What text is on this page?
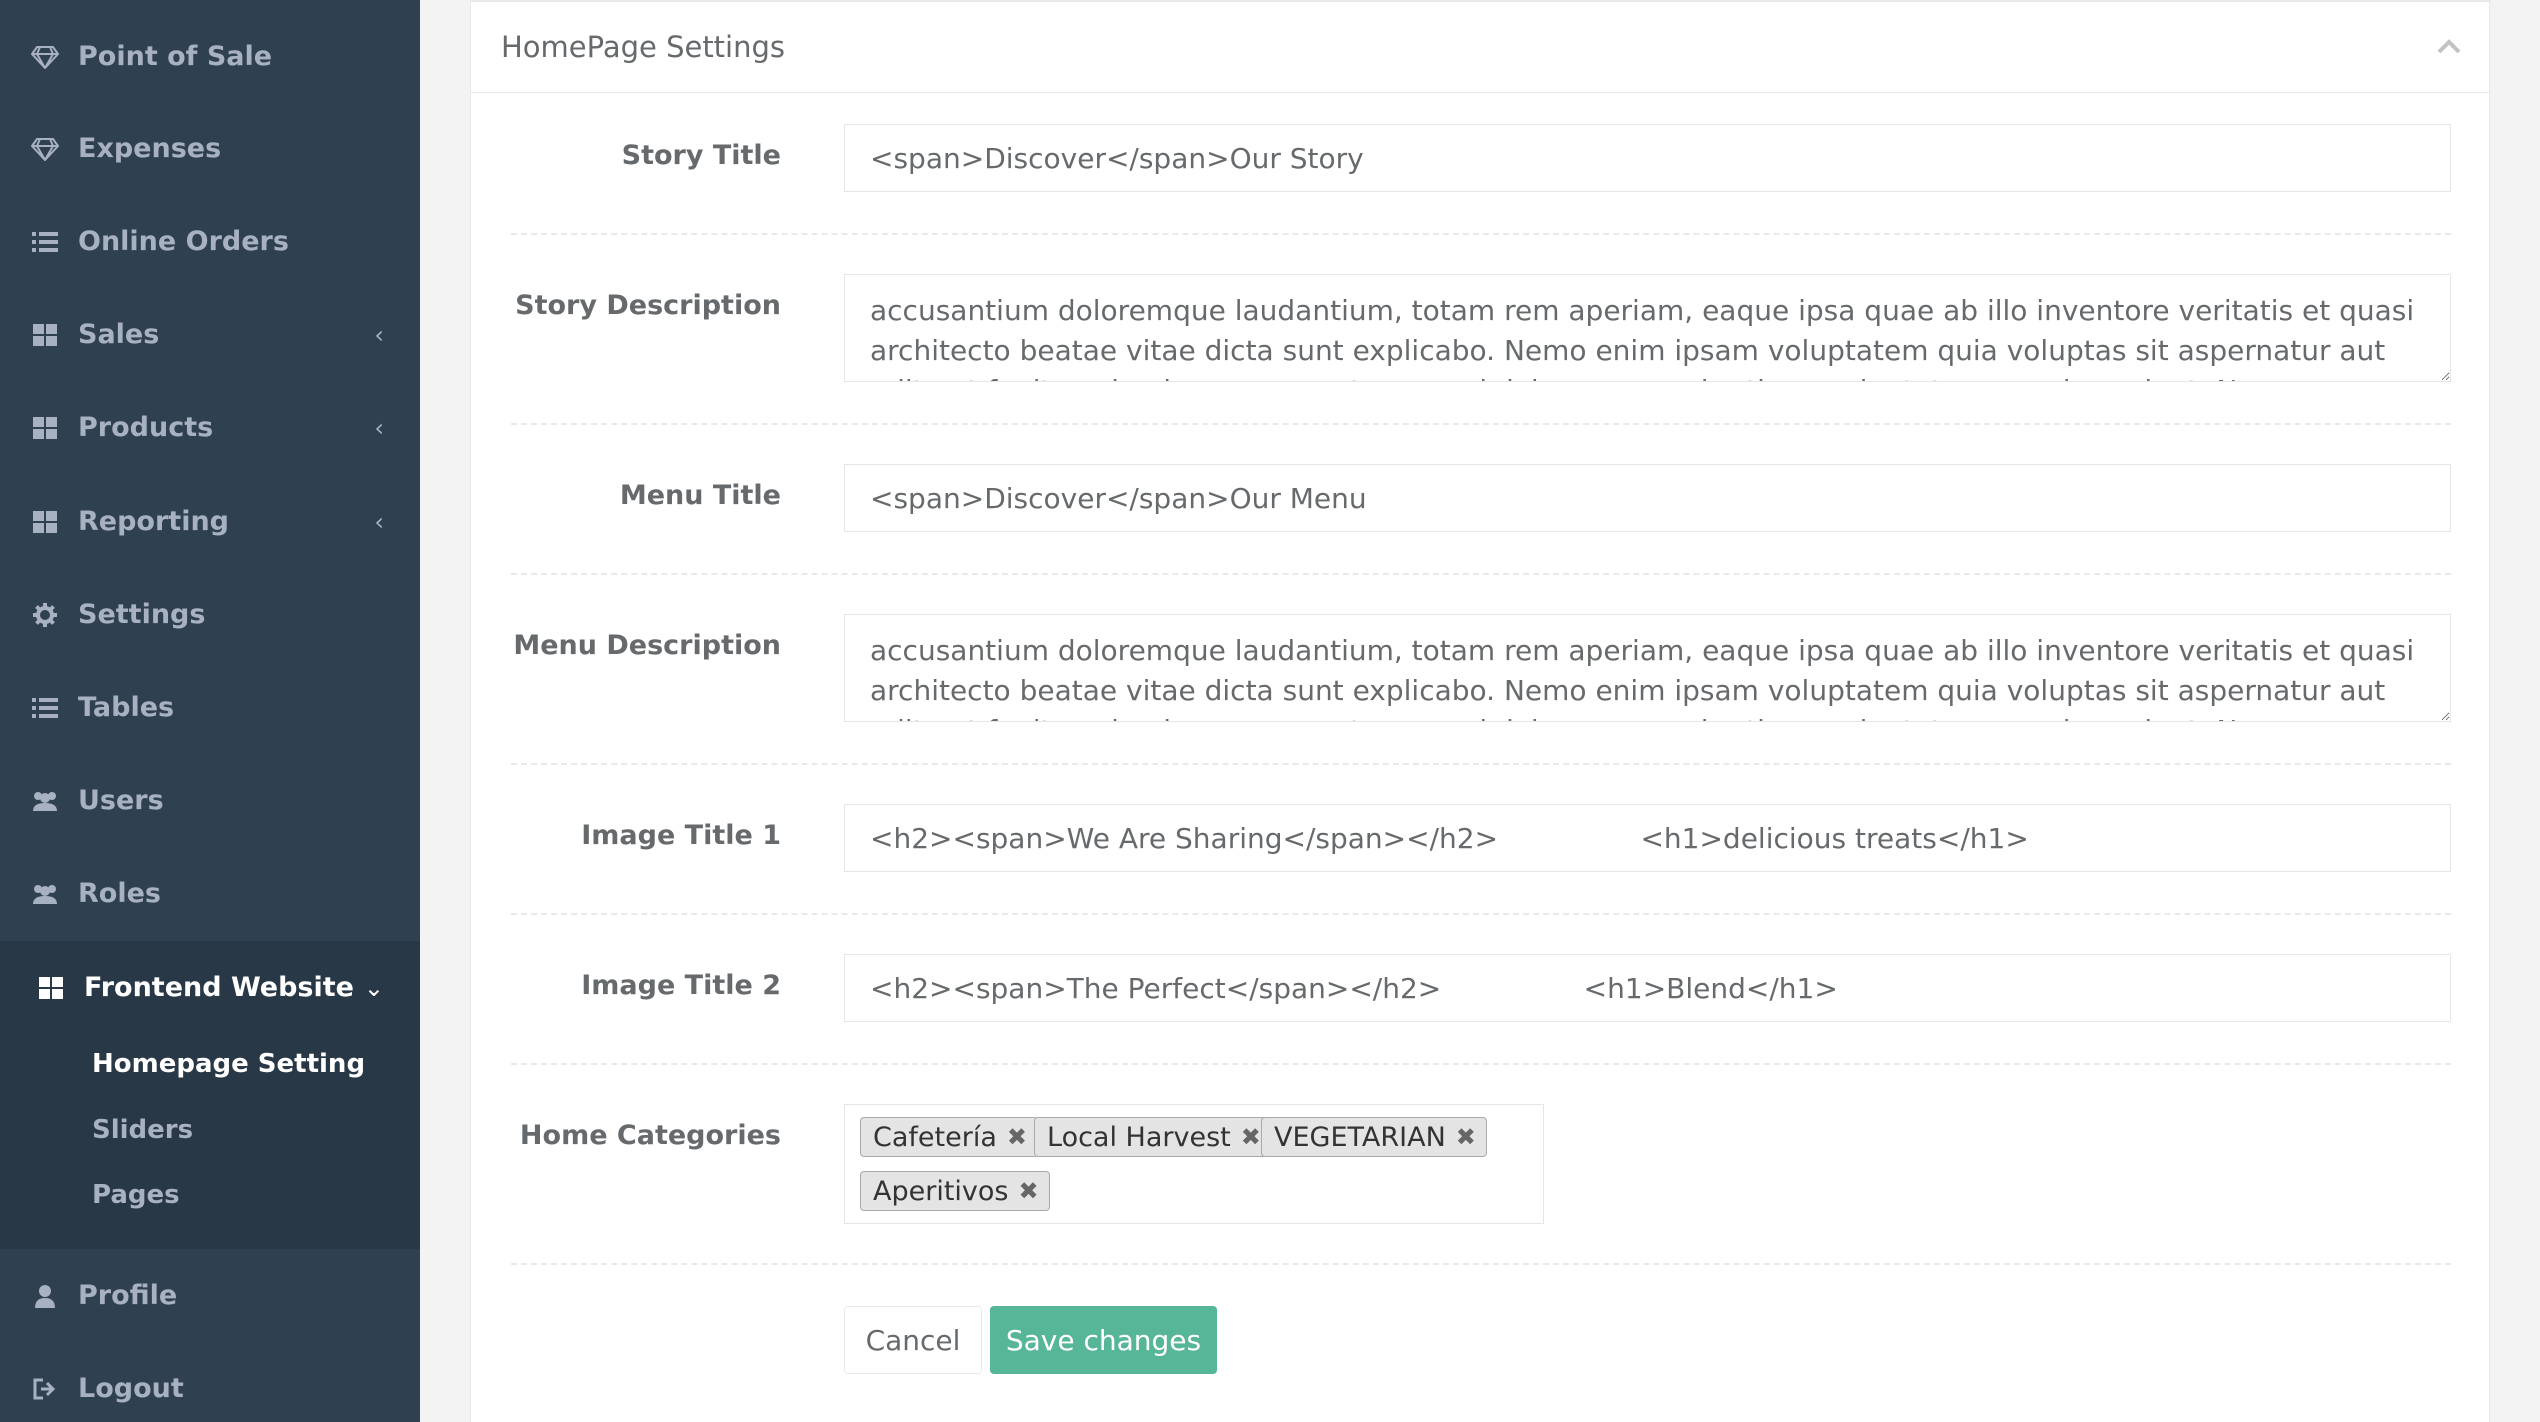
Point of Sale
Expenses
Online Orders
Sales	‹
Products	‹
Reporting	‹
Settings
Tables
Users
Roles
Frontend Website ⌄
Homepage Setting
Sliders
Pages
Profile
Logout
HomePage Settings
Story Title
<span>Discover</span>Our Story
Story Description
accusantium doloremque laudantium, totam rem aperiam, eaque ipsa quae ab illo inventore veritatis et quasi architecto beatae vitae dicta sunt explicabo. Nemo enim ipsam voluptatem quia voluptas sit aspernatur aut odit aut fugit, sed quia consequuntur magni dolores eos qui ratione voluptatem sequi nesciunt. Neque porro quisquam est
Menu Title
<span>Discover</span>Our Menu
Menu Description
accusantium doloremque laudantium, totam rem aperiam, eaque ipsa quae ab illo inventore veritatis et quasi architecto beatae vitae dicta sunt explicabo. Nemo enim ipsam voluptatem quia voluptas sit aspernatur aut odit aut fugit, sed quia consequuntur magni dolores eos qui ratione voluptatem sequi nesciunt. Neque porro quisquam est
Image Title 1
<h2><span>We Are Sharing</span></h2> <h1>delicious treats</h1>
Image Title 2
<h2><span>The Perfect</span></h2> <h1>Blend</h1>
Home Categories	Cafetería ✖ Local Harvest ✖ VEGETARIAN ✖
Aperitivos ✖
Cancel	Save changes
